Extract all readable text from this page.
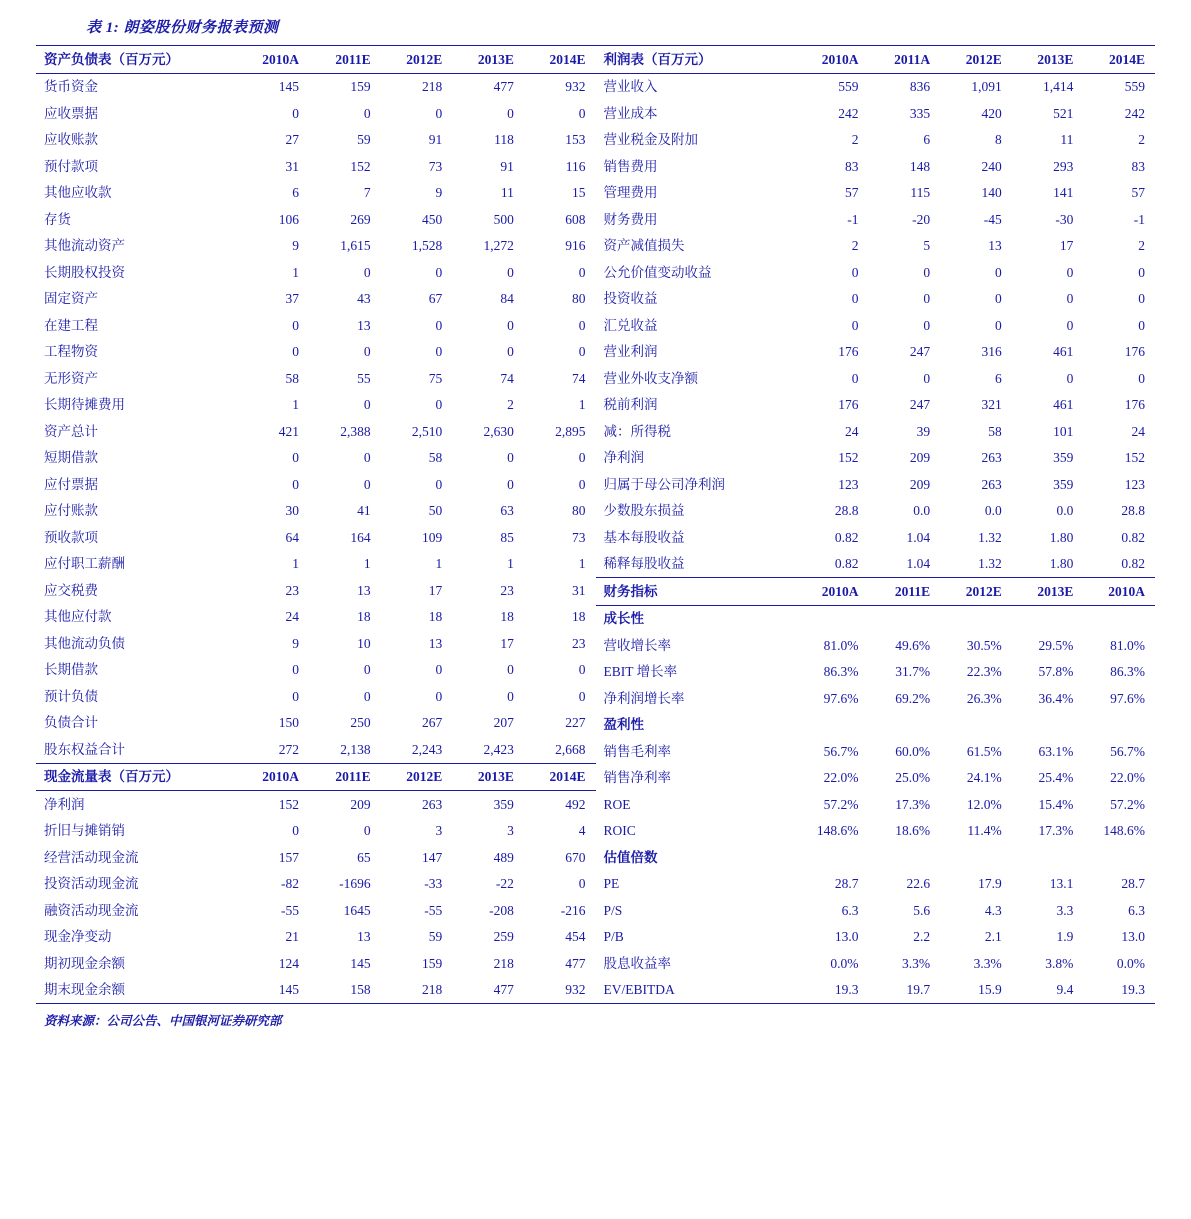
表 1: 朗姿股份财务报表预测
资产负债表（百万元）	2010A	2011E	2012E	2013E	2014E
货币资金	145	159	218	477	932
应收票据	0	0	0	0	0
应收账款	27	59	91	118	153
预付款项	31	152	73	91	116
其他应收款	6	7	9	11	15
存货	106	269	450	500	608
其他流动资产	9	1,615	1,528	1,272	916
长期股权投资	1	0	0	0	0
固定资产	37	43	67	84	80
在建工程	0	13	0	0	0
工程物资	0	0	0	0	0
无形资产	58	55	75	74	74
长期待摊费用	1	0	0	2	1
资产总计	421	2,388	2,510	2,630	2,895
短期借款	0	0	58	0	0
应付票据	0	0	0	0	0
应付账款	30	41	50	63	80
预收款项	64	164	109	85	73
应付职工薪酬	1	1	1	1	1
应交税费	23	13	17	23	31
其他应付款	24	18	18	18	18
其他流动负债	9	10	13	17	23
长期借款	0	0	0	0	0
预计负债	0	0	0	0	0
负债合计	150	250	267	207	227
股东权益合计	272	2,138	2,243	2,423	2,668
现金流量表（百万元）	2010A	2011E	2012E	2013E	2014E
净利润	152	209	263	359	492
折旧与摊销销	0	0	3	3	4
经营活动现金流	157	65	147	489	670
投资活动现金流	-82	-1696	-33	-22	0
融资活动现金流	-55	1645	-55	-208	-216
现金净变动	21	13	59	259	454
期初现金余额	124	145	159	218	477
期末现金余额	145	158	218	477	932

利润表（百万元）	2010A	2011A	2012E	2013E	2014E
营业收入	559	836	1,091	1,414	559
营业成本	242	335	420	521	242
营业税金及附加	2	6	8	11	2
销售费用	83	148	240	293	83
管理费用	57	115	140	141	57
财务费用	-1	-20	-45	-30	-1
资产减值损失	2	5	13	17	2
公允价值变动收益	0	0	0	0	0
投资收益	0	0	0	0	0
汇兑收益	0	0	0	0	0
营业利润	176	247	316	461	176
营业外收支净额	0	0	6	0	0
税前利润	176	247	321	461	176
减：所得税	24	39	58	101	24
净利润	152	209	263	359	152
归属于母公司净利润	123	209	263	359	123
少数股东损益	28.8	0.0	0.0	0.0	28.8
基本每股收益	0.82	1.04	1.32	1.80	0.82
稀释每股收益	0.82	1.04	1.32	1.80	0.82
财务指标	2010A	2011E	2012E	2013E	2010A
成长性					
营收增长率	81.0%	49.6%	30.5%	29.5%	81.0%
EBIT 增长率	86.3%	31.7%	22.3%	57.8%	86.3%
净利润增长率	97.6%	69.2%	26.3%	36.4%	97.6%
盈利性					
销售毛利率	56.7%	60.0%	61.5%	63.1%	56.7%
销售净利率	22.0%	25.0%	24.1%	25.4%	22.0%
ROE	57.2%	17.3%	12.0%	15.4%	57.2%
ROIC	148.6%	18.6%	11.4%	17.3%	148.6%
估值倍数					
PE	28.7	22.6	17.9	13.1	28.7
P/S	6.3	5.6	4.3	3.3	6.3
P/B	13.0	2.2	2.1	1.9	13.0
股息收益率	0.0%	3.3%	3.3%	3.8%	0.0%
EV/EBITDA	19.3	19.7	15.9	9.4	19.3
资料来源：公司公告、中国银河证券研究部
